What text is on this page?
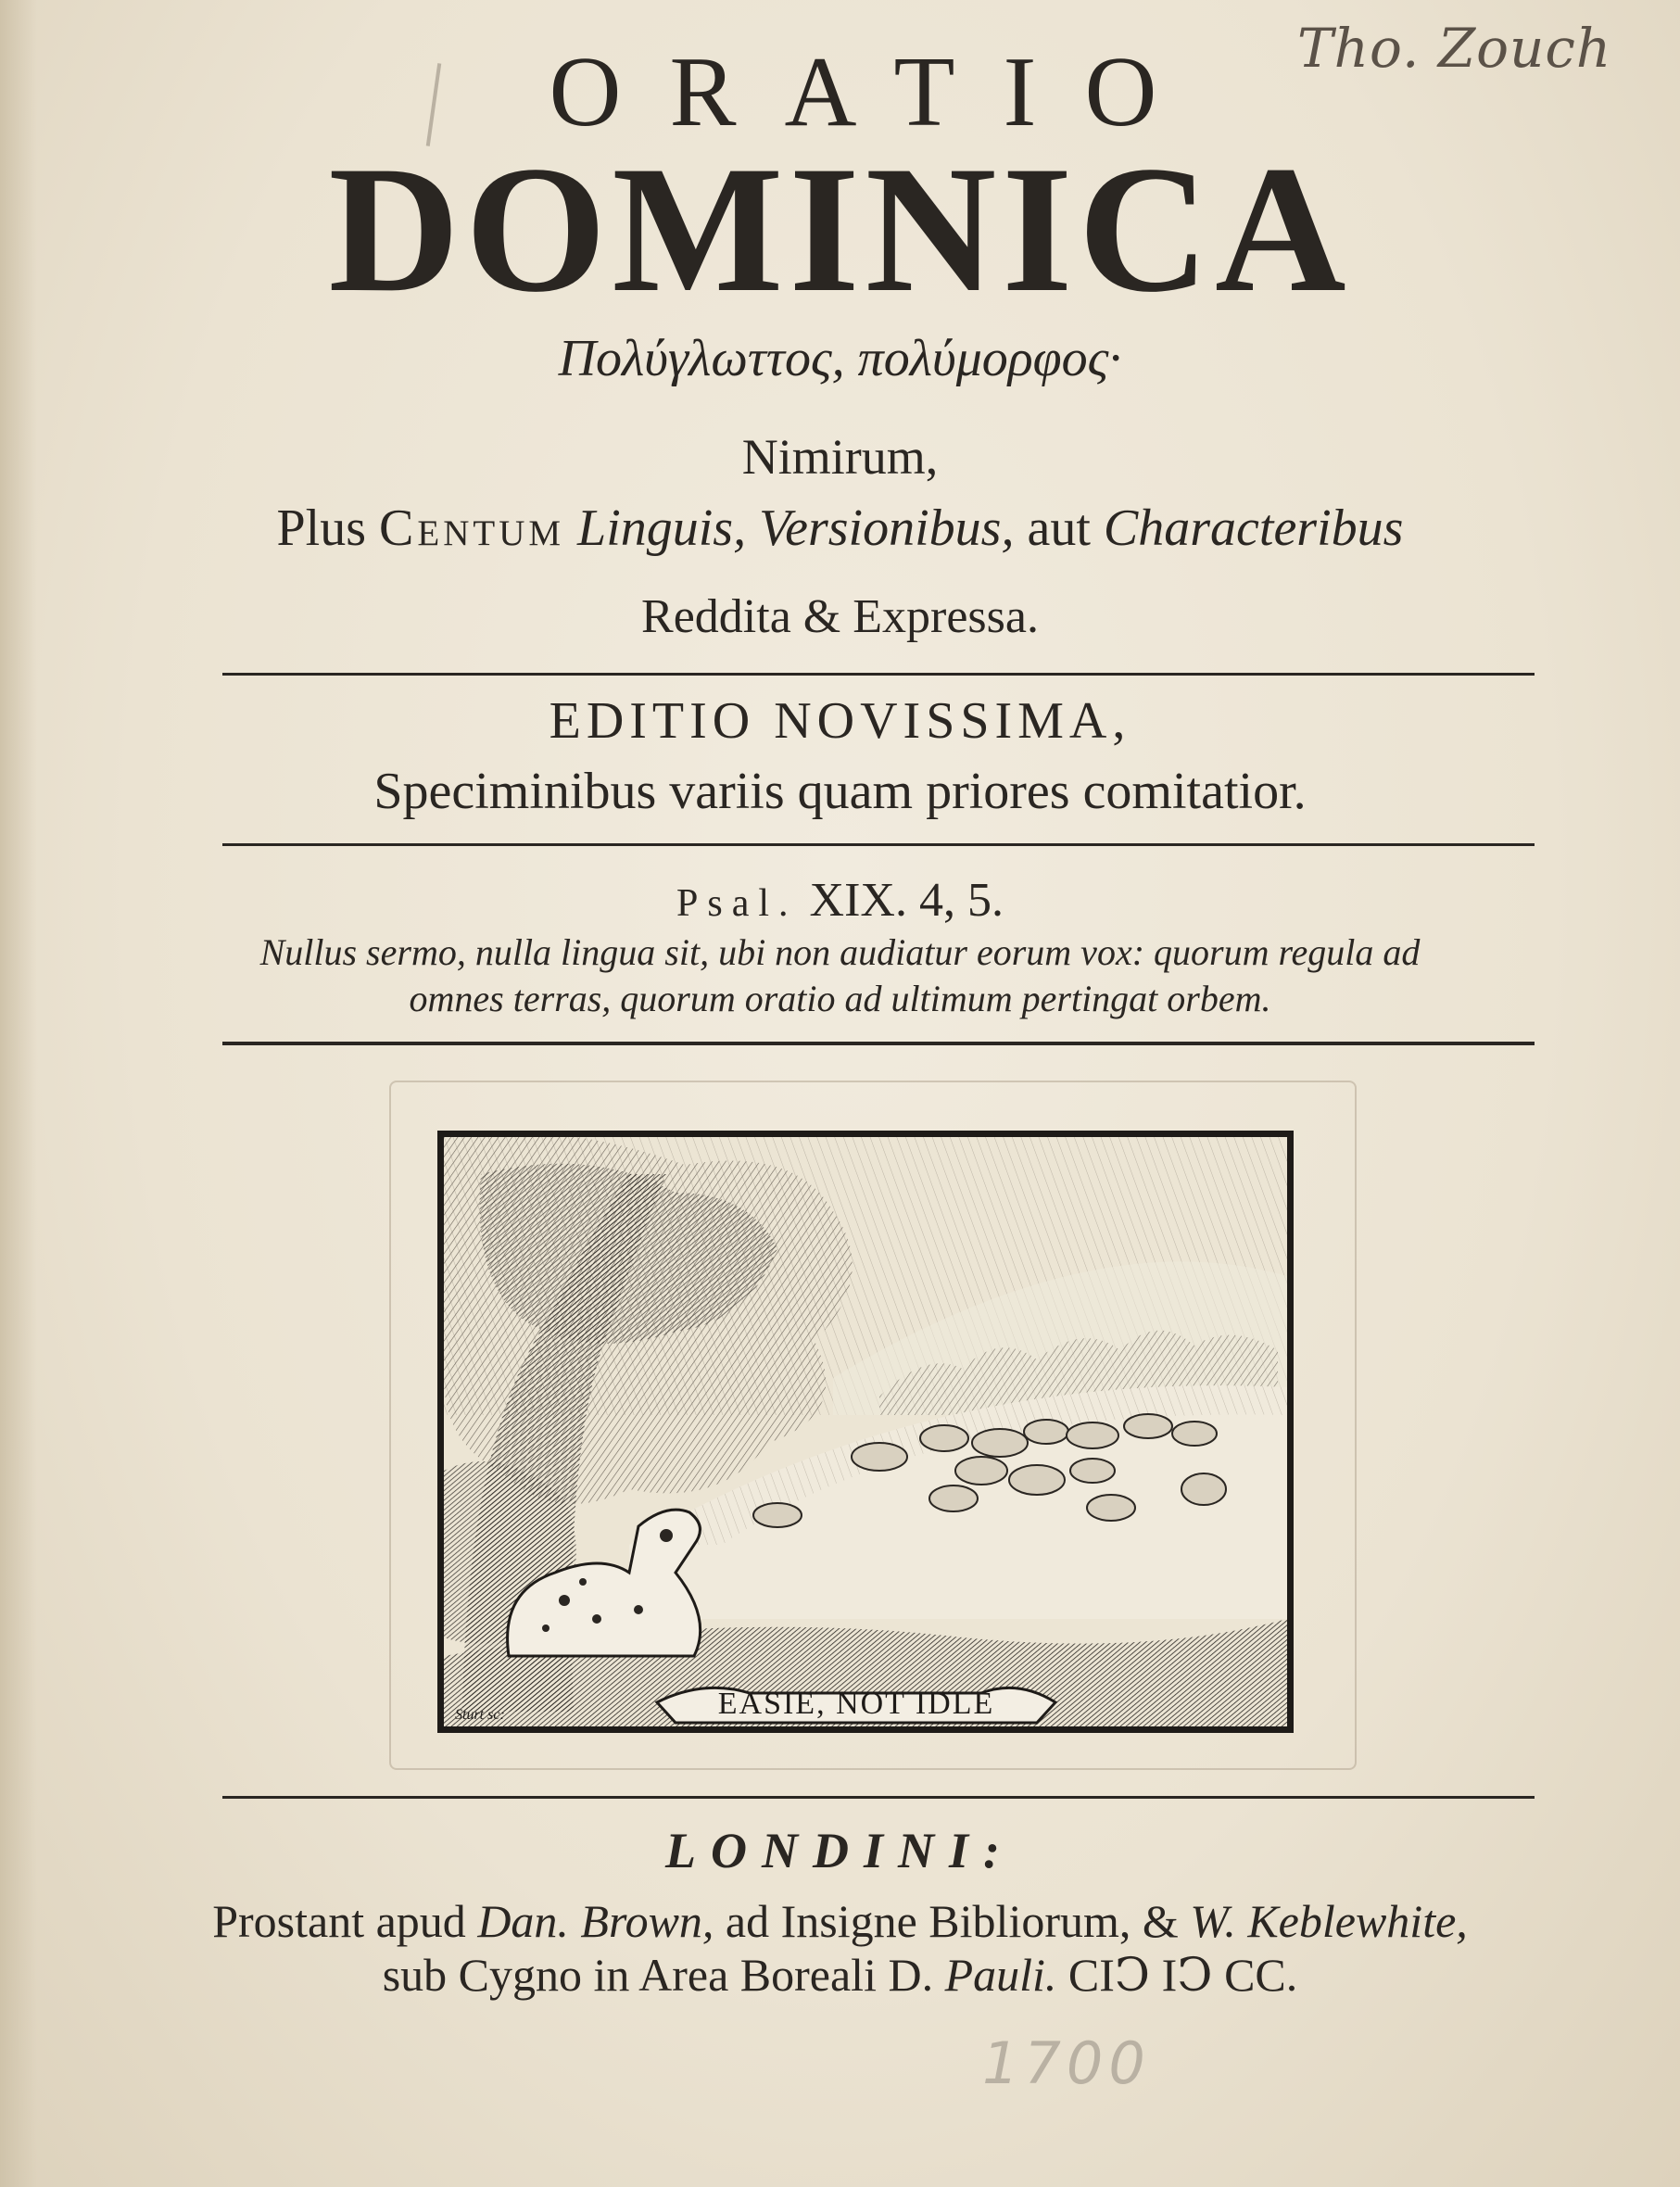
Tho. Zouch
ORATIO
DOMINICA
Πολύγλωττος, πολύμορφος·
Nimirum,
Plus Centum Linguis, Versionibus, aut Characteribus
Reddita & Expressa.
EDITIO NOVISSIMA,
Speciminibus variis quam priores comitatior.
Psal. XIX. 4, 5.
Nullus sermo, nulla lingua sit, ubi non audiatur eorum vox: quorum regula ad
omnes terras, quorum oratio ad ultimum pertingat orbem.
EASIE, NOT IDLE
Sturt sc:
LONDINI:
Prostant apud Dan. Brown, ad Insigne Bibliorum, & W. Keblewhite,
sub Cygno in Area Boreali D. Pauli. CIↃ IↃ CC.
1700
